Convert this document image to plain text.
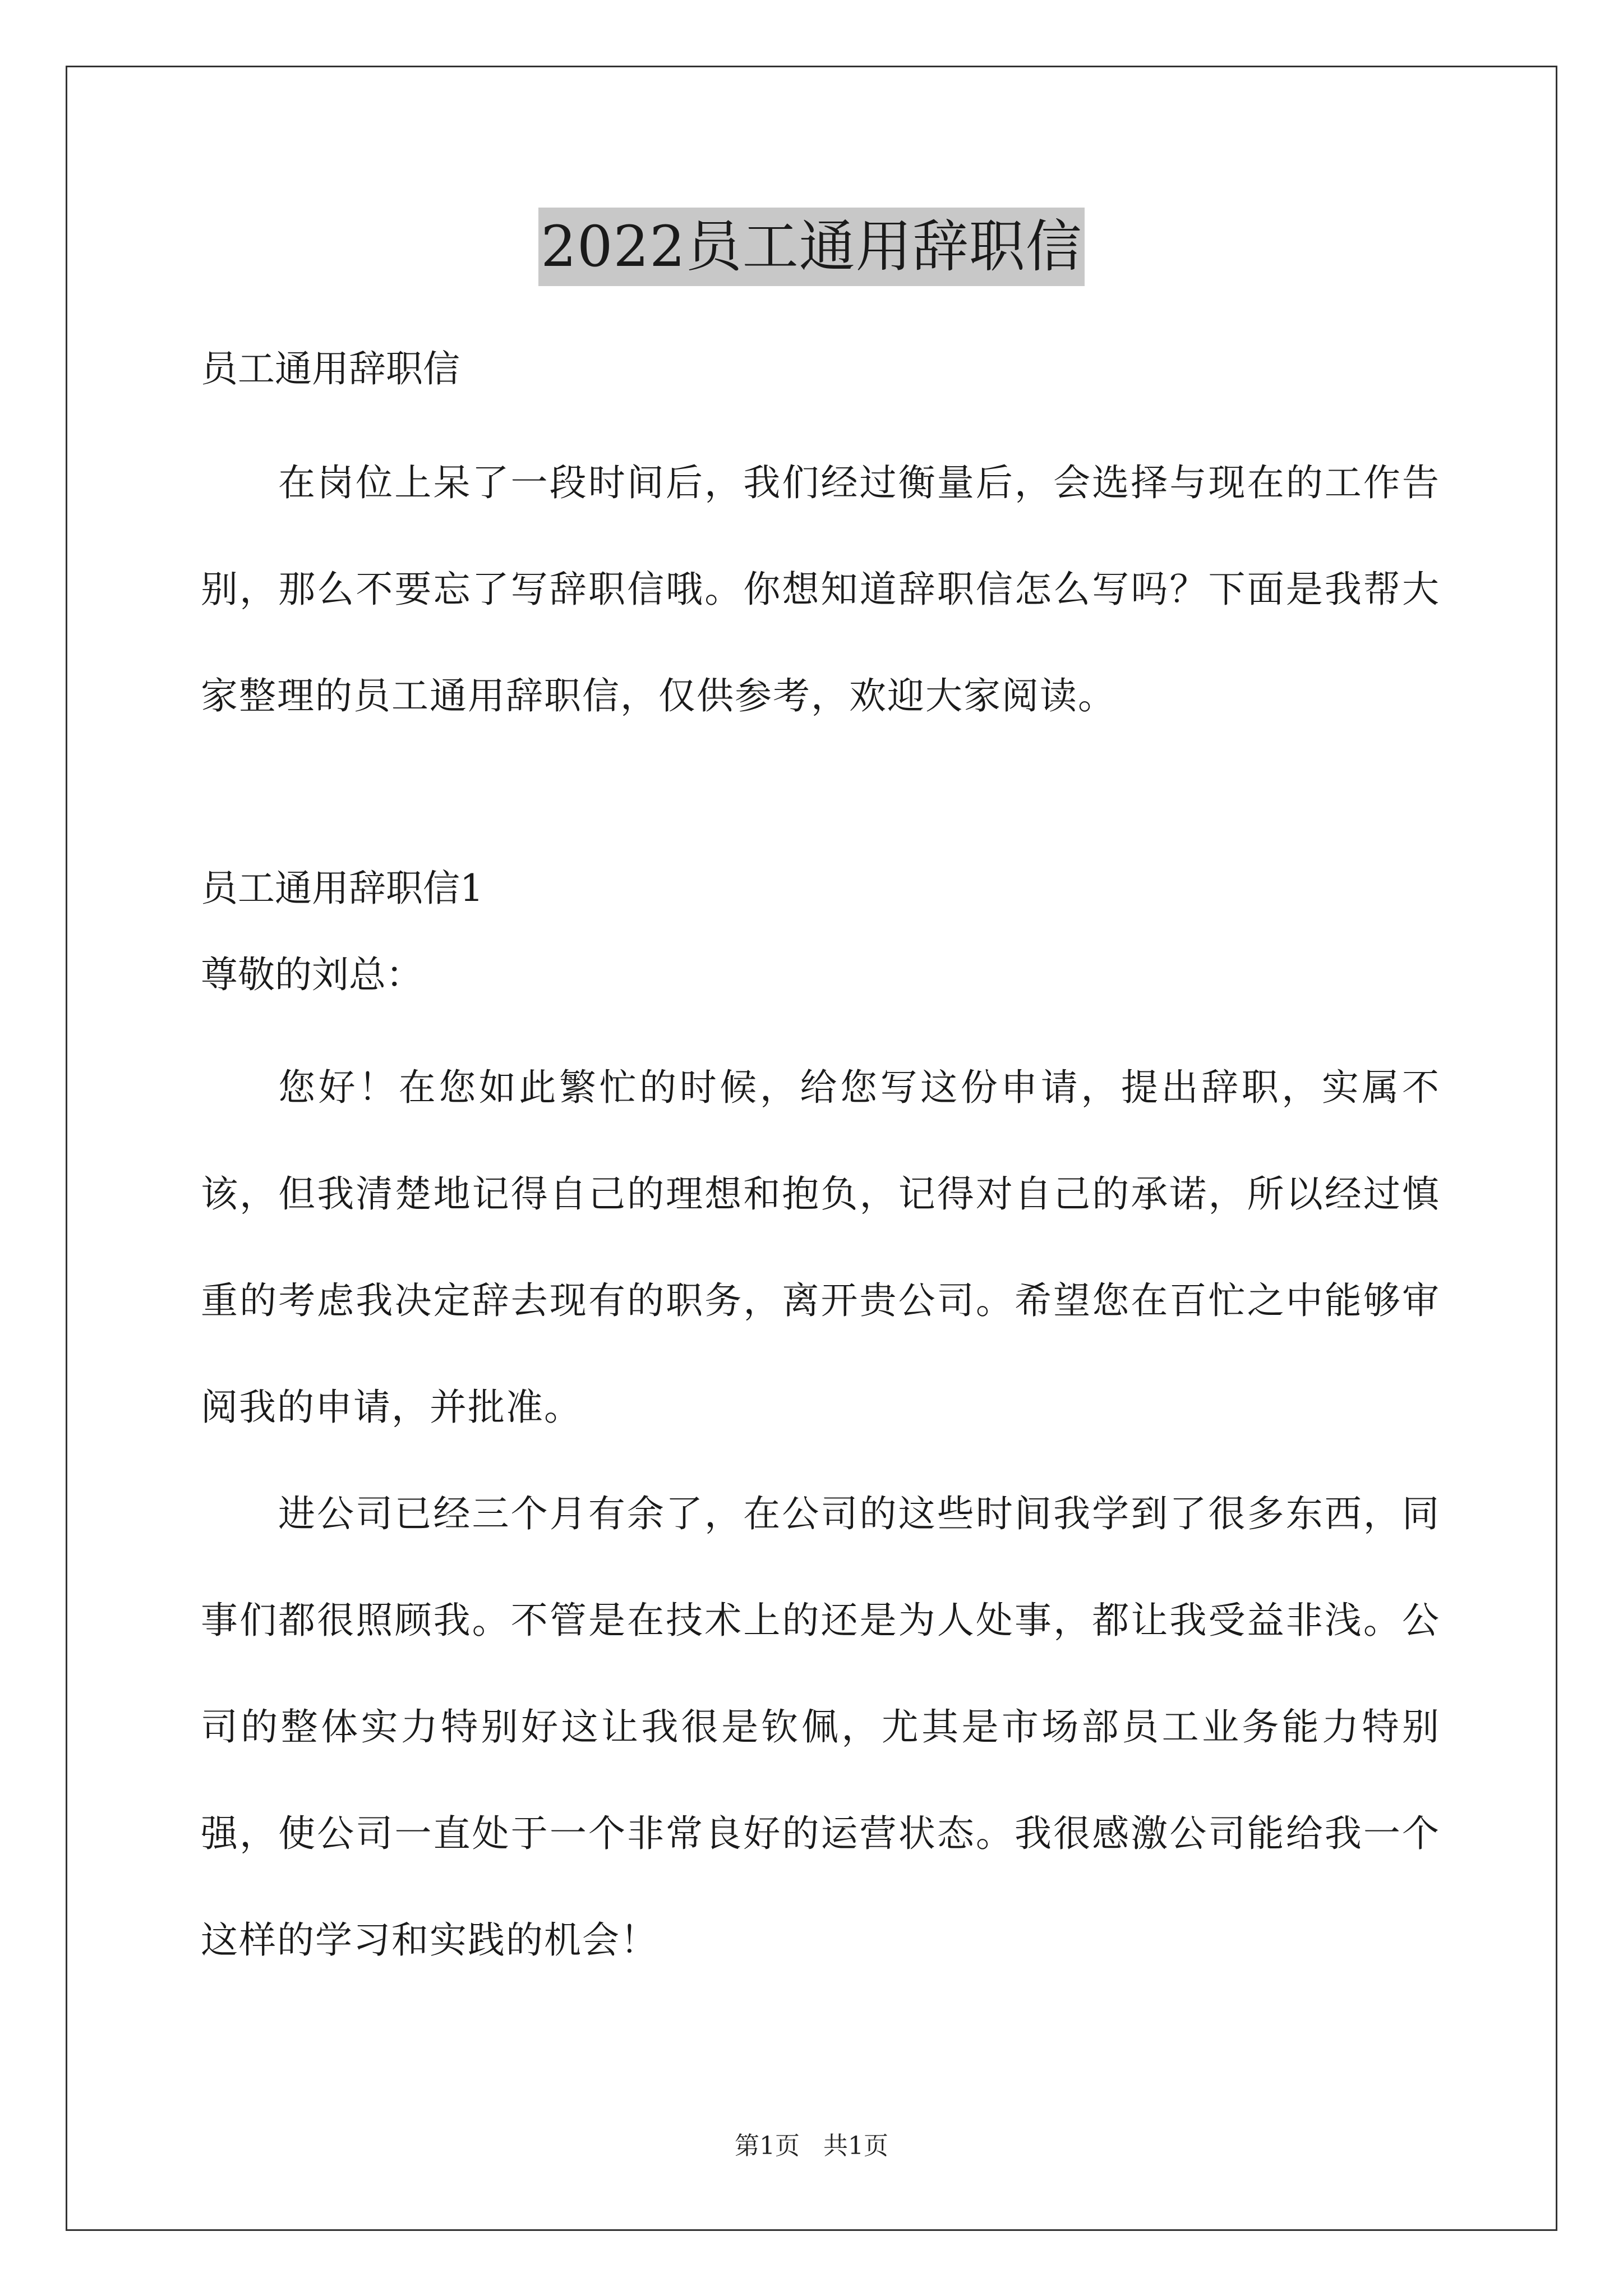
2022员工通用辞职信

员工通用辞职信

在岗位上呆了一段时间后，我们经过衡量后，会选择与现在的工作告别，那么不要忘了写辞职信哦。你想知道辞职信怎么写吗？下面是我帮大家整理的员工通用辞职信，仅供参考，欢迎大家阅读。

员工通用辞职信1

尊敬的刘总：

您好！在您如此繁忙的时候，给您写这份申请，提出辞职，实属不该，但我清楚地记得自己的理想和抱负，记得对自己的承诺，所以经过慎重的考虑我决定辞去现有的职务，离开贵公司。希望您在百忙之中能够审阅我的申请，并批准。

进公司已经三个月有余了，在公司的这些时间我学到了很多东西，同事们都很照顾我。不管是在技术上的还是为人处事，都让我受益非浅。公司的整体实力特别好这让我很是钦佩，尤其是市场部员工业务能力特别强，使公司一直处于一个非常良好的运营状态。我很感激公司能给我一个这样的学习和实践的机会！

第1页 共1页
